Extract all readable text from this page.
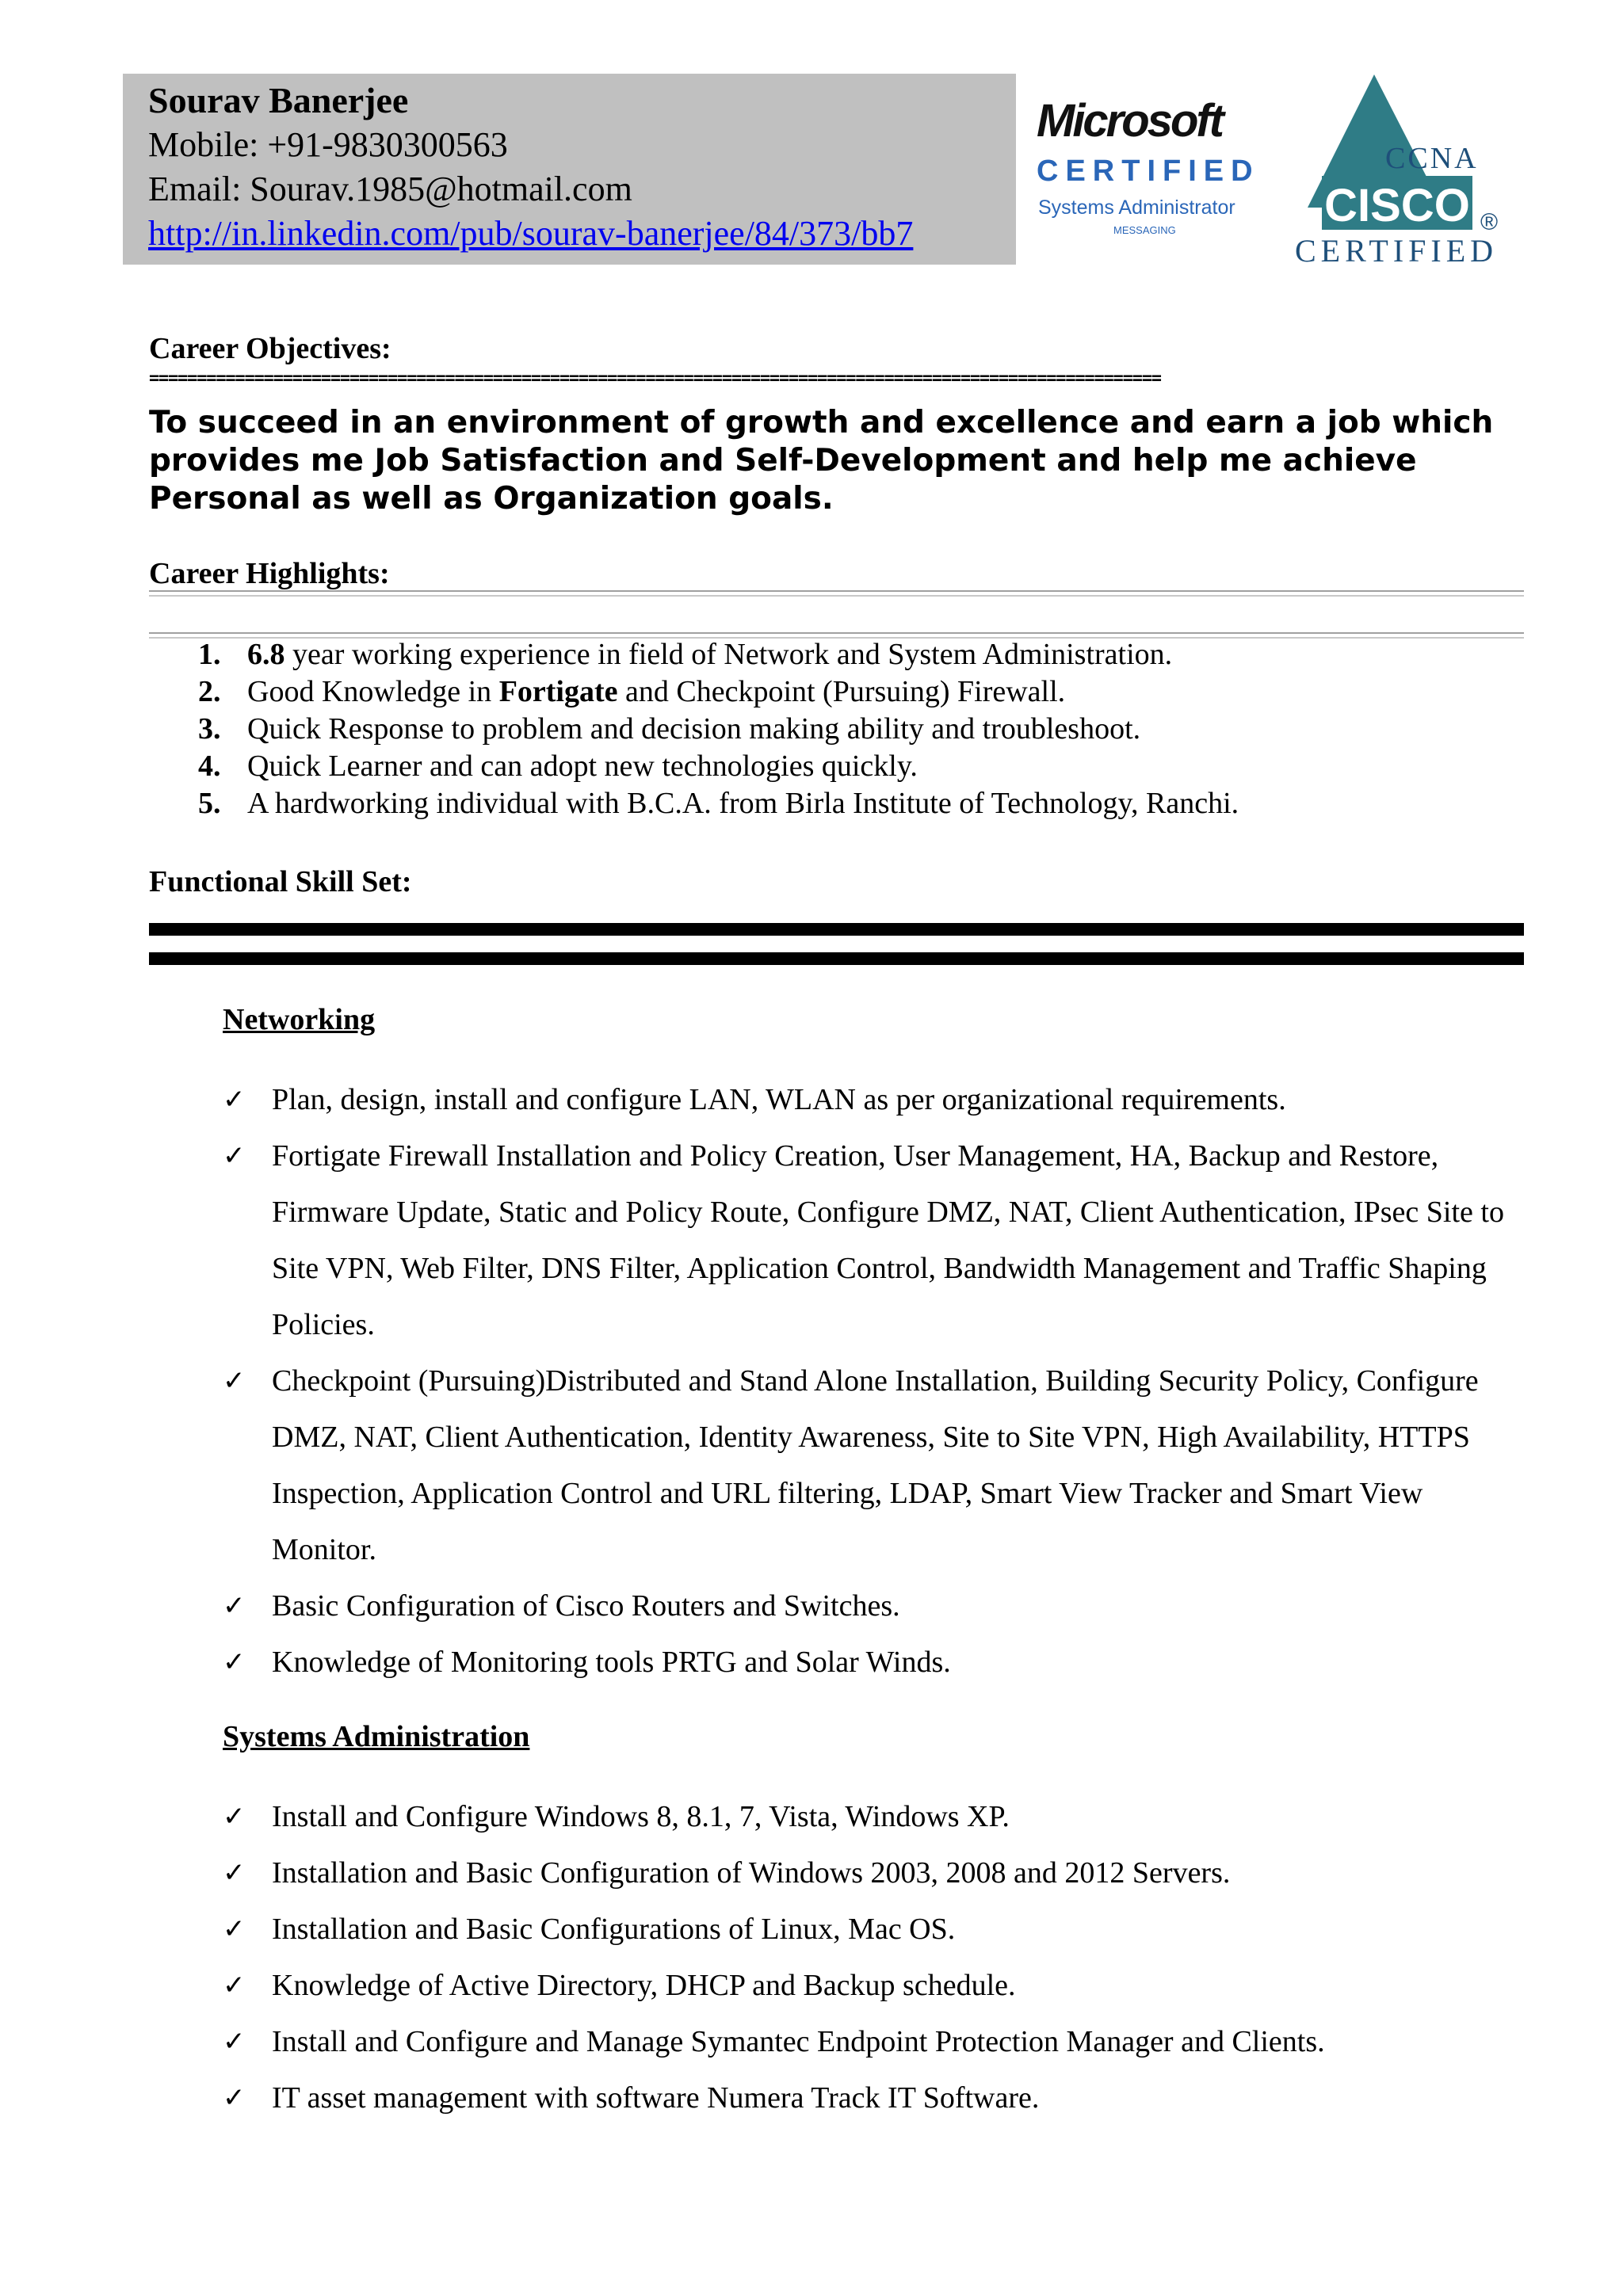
Sourav Banerjee
Mobile: +91-9830300563
Email: Sourav.1985@hotmail.com
http://in.linkedin.com/pub/sourav-banerjee/84/373/bb7
Microsoft
CERTIFIED
Systems Administrator
MESSAGING
CCNA
CISCO ®
CERTIFIED
Career Objectives:
==========================================================================================================
To succeed in an environment of growth and excellence and earn a job which provides me Job Satisfaction and Self-Development and help me achieve Personal as well as Organization goals.
Career Highlights:
1. 6.8 year working experience in field of Network and System Administration.
2. Good Knowledge in Fortigate and Checkpoint (Pursuing) Firewall.
3. Quick Response to problem and decision making ability and troubleshoot.
4. Quick Learner and can adopt new technologies quickly.
5. A hardworking individual with B.C.A. from Birla Institute of Technology, Ranchi.
Functional Skill Set:
Networking
✓ Plan, design, install and configure LAN, WLAN as per organizational requirements.
✓ Fortigate Firewall Installation and Policy Creation, User Management, HA, Backup and Restore, Firmware Update, Static and Policy Route, Configure DMZ, NAT, Client Authentication, IPsec Site to Site VPN, Web Filter, DNS Filter, Application Control, Bandwidth Management and Traffic Shaping Policies.
✓ Checkpoint (Pursuing)Distributed and Stand Alone Installation, Building Security Policy, Configure DMZ, NAT, Client Authentication, Identity Awareness, Site to Site VPN, High Availability, HTTPS Inspection, Application Control and URL filtering, LDAP, Smart View Tracker and Smart View Monitor.
✓ Basic Configuration of Cisco Routers and Switches.
✓ Knowledge of Monitoring tools PRTG and Solar Winds.
Systems Administration
✓ Install and Configure Windows 8, 8.1, 7, Vista, Windows XP.
✓ Installation and Basic Configuration of Windows 2003, 2008 and 2012 Servers.
✓ Installation and Basic Configurations of Linux, Mac OS.
✓ Knowledge of Active Directory, DHCP and Backup schedule.
✓ Install and Configure and Manage Symantec Endpoint Protection Manager and Clients.
✓ IT asset management with software Numera Track IT Software.
